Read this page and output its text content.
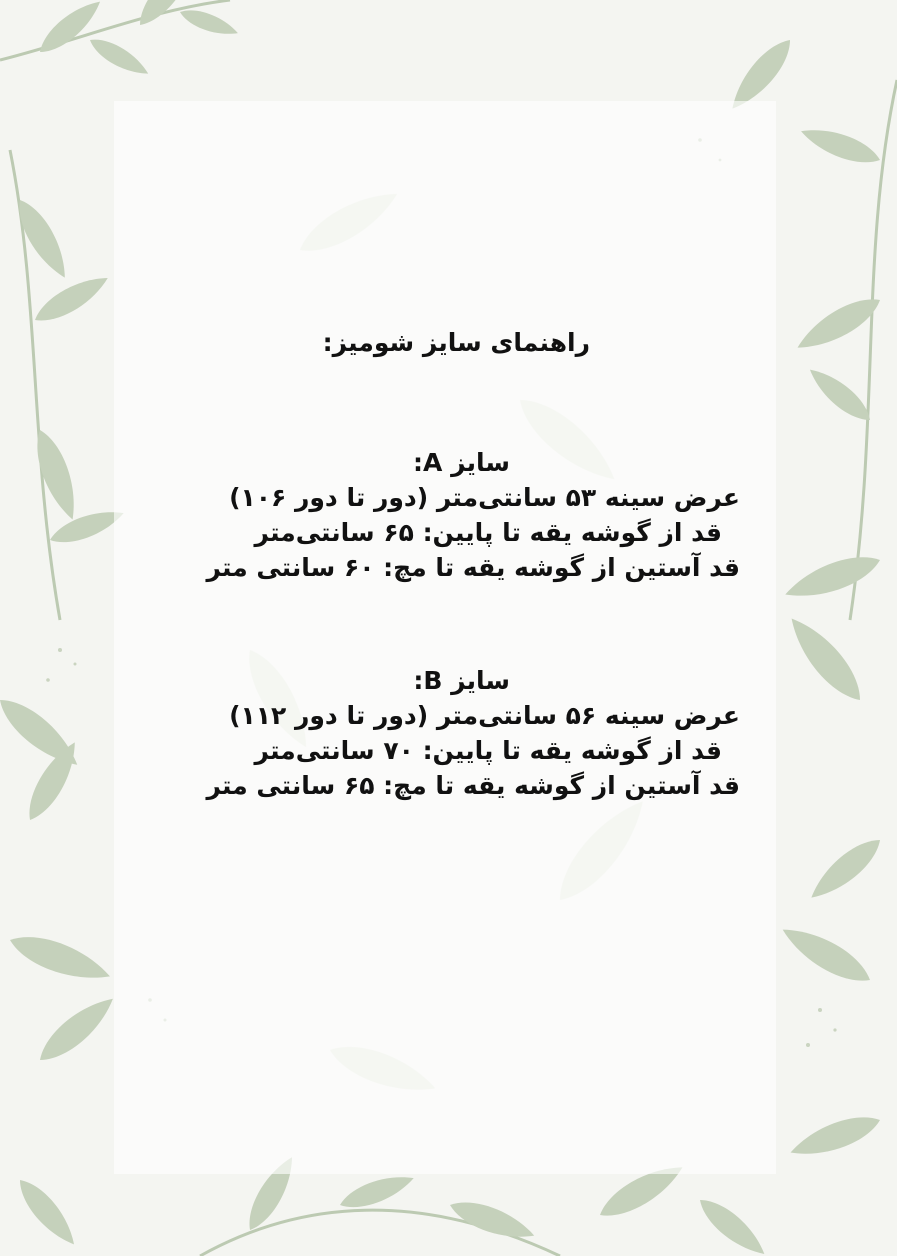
راهنمای سایز شومیز:
سایز A:
عرض سینه ۵۳ سانتی‌متر (دور تا دور ۱۰۶)
قد از گوشه یقه تا پایین: ۶۵ سانتی‌متر
قد آستین از گوشه یقه تا مچ: ۶۰ سانتی متر
سایز B:
عرض سینه ۵۶ سانتی‌متر (دور تا دور ۱۱۲)
قد از گوشه یقه تا پایین: ۷۰ سانتی‌متر
قد آستین از گوشه یقه تا مچ: ۶۵ سانتی متر
